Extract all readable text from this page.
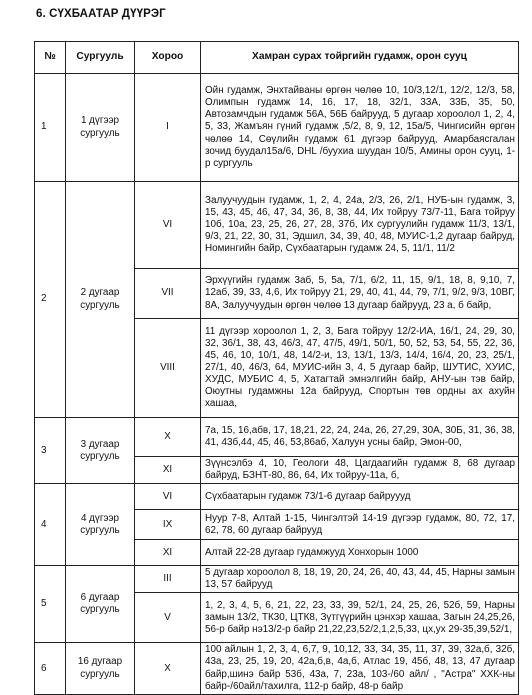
6. СҮХБААТАР ДҮҮРЭГ
№	Сургууль	Хороо	Хамран сурах тойргийн гудамж, орон сууц
1	1 дүгээр сургууль	I	Ойн гудамж, Энхтайваны өргөн чөлөө 10, 10/3,12/1, 12/2, 12/3, 58, Олимпын гудамж 14, 16, 17, 18, 32/1, 33А, 33Б, 35, 50, Автозамчдын гудамж 56А, 56Б байрууд, 5 дугаар хороолол 1, 2, 4, 5, 33, Жамъян гүний гудамж ,5/2, 8, 9, 12, 15а/5, Чингисийн өргөн чөлөө 14, Сөүлийн гудамж 61 дүгээр байрууд, Амарбаясгалан зочид буудал15а/6, DHL /буухиа шуудан 10/5, Амины орон сууц, 1-р сургууль
2	2 дугаар сургууль	VI	Залуучуудын гудамж, 1, 2, 4, 24а, 2/3, 26, 2/1, НУБ-ын гудамж, 3, 15, 43, 45, 46, 47, 34, 36, 8, 38, 44, Их тойруу 73/7-11, Бага тойруу 10б, 10а, 23, 25, 26, 27, 28, 37б, Их сургуулийн гудамж 11/3, 13/1, 9/3, 21, 22, 30, 31, Эдшил, 34, 39, 40, 48, МУИС-1,2 дугаар байруд, Номингийн байр, Сүхбаатарын гудамж 24, 5, 11/1, 11/2
		VII	Эрхүүгийн гудамж 3аб, 5, 5а, 7/1, 6/2, 11, 15, 9/1, 18, 8, 9,10, 7, 12аб, 39, 33, 4,6, Их тойруу 21, 29, 40, 41, 44, 79, 7/1, 9/2, 9/3, 10ВГ, 8А, Залуучуудын өргөн чөлөө 13 дугаар байрууд, 23 а, б байр,
		VIII	11 дүгээр хороолол 1, 2, 3, Бага тойруу 12/2-ИА, 16/1, 24, 29, 30, 32, 36/1, 38, 43, 46/3, 47, 47/5, 49/1, 50/1, 50, 52, 53, 54, 55, 22, 36, 45, 46, 10, 10/1, 48, 14/2-и, 13, 13/1, 13/3, 14/4, 16/4, 20, 23, 25/1, 27/1, 40, 46/3, 64, МУИС-ийн 3, 4, 5 дугаар байр, ШУТИС, ХУИС, ХУДС, МУБИС 4, 5, Хатагтай эмнэлгийн байр, АНУ-ын тэв байр, Оюутны гудамжны 12а байрууд, Спортын төв ордны ах ахуйн хашаа,
3	3 дугаар сургууль	X	7а, 15, 16,абв, 17, 18,21, 22, 24, 24а, 26, 27,29, 30А, 30Б, 31, 36, 38, 41, 43б,44, 45, 46, 53,86аб, Халуун усны байр, Эмон-00,
		XI	Зүүнсэлбэ 4, 10, Геологи 48, Цагдаагийн гудамж 8, 68 дугаар байруд, БЗНТ-80, 86, 64, Их тойруу-11а, б,
4	4 дүгээр сургууль	VI	Сүхбаатарын гудамж 73/1-6 дугаар байруууд
		IX	Нуур 7-8, Алтай 1-15, Чингэлтэй 14-19 дүгээр гудамж, 80, 72, 17, 62, 78, 60 дугаар байрууд
		XI	Алтай 22-28 дугаар гудамжууд Хонхорын 1000
5	6 дугаар сургууль	III	5 дугаар хороолол 8, 18, 19, 20, 24, 26, 40, 43, 44, 45, Нарны замын 13, 57 байрууд
		V	1, 2, 3, 4, 5, 6, 21, 22, 23, 33, 39, 52/1, 24, 25, 26, 52б, 59, Нарны замын 13/2, ТК30, ЦТК8, Зүтгүүрийн цэнхэр хашаа, Загын 24,25,26, 56-р байр нэ13/2-р байр 21,22,23,52/2,1,2,5,33, цх,ух 29-35,39,52/1,
6	16 дугаар сургууль	X	100 айлын 1, 2, 3, 4, 6,7, 9, 10,12, 33, 34, 35, 11, 37, 39, 32а,б, 32б, 43а, 23, 25, 19, 20, 42а,б,в, 4а,б, Атлас 19, 45б, 48, 13, 47 дугаар байр,шинэ байр 53б, 43а, 7, 23а, 103-/60 айл/ , "Астра" ХХК-ны байр-/60айл/тахилга, 112-р байр, 48-р байр
